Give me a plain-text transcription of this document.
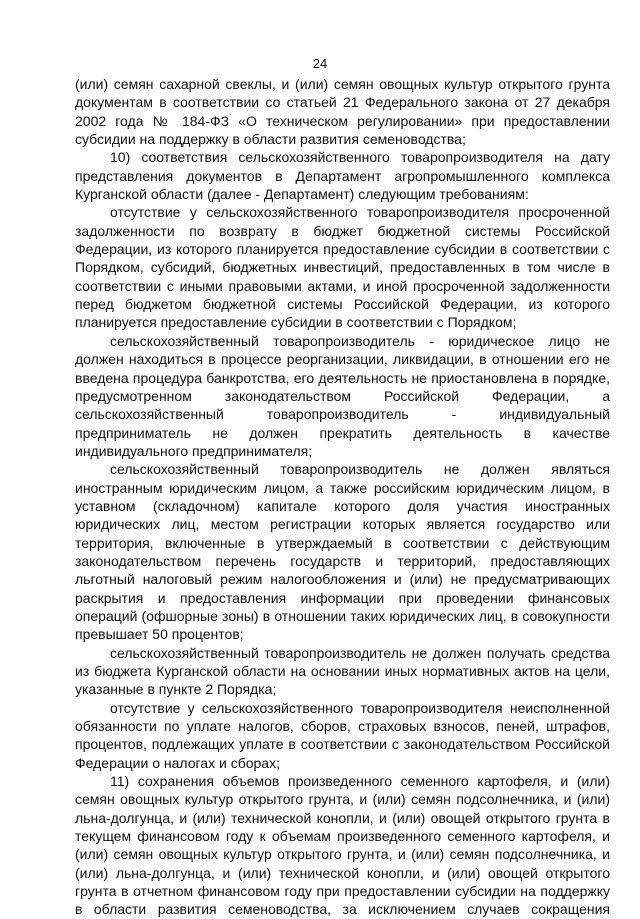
24
(или) семян сахарной свеклы, и (или) семян овощных культур открытого грунта
документам в соответствии со статьей 21 Федерального закона от 27 декабря
2002 года № 184-ФЗ «О техническом регулировании» при предоставлении
субсидии на поддержку в области развития семеноводства;
10) соответствия сельскохозяйственного товаропроизводителя на дату
представления документов в Департамент агропромышленного комплекса
Курганской области (далее - Департамент) следующим требованиям:
отсутствие у сельскохозяйственного товаропроизводителя просроченной
задолженности по возврату в бюджет бюджетной системы Российской
Федерации, из которого планируется предоставление субсидии в соответствии с
Порядком, субсидий, бюджетных инвестиций, предоставленных в том числе в
соответствии с иными правовыми актами, и иной просроченной задолженности
перед бюджетом бюджетной системы Российской Федерации, из которого
планируется предоставление субсидии в соответствии с Порядком;
сельскохозяйственный товаропроизводитель - юридическое лицо не
должен находиться в процессе реорганизации, ликвидации, в отношении его не
введена процедура банкротства, его деятельность не приостановлена в порядке,
предусмотренном законодательством Российской Федерации, а
сельскохозяйственный товаропроизводитель - индивидуальный
предприниматель не должен прекратить деятельность в качестве
индивидуального предпринимателя;
сельскохозяйственный товаропроизводитель не должен являться
иностранным юридическим лицом, а также российским юридическим лицом, в
уставном (складочном) капитале которого доля участия иностранных
юридических лиц, местом регистрации которых является государство или
территория, включенные в утверждаемый в соответствии с действующим
законодательством перечень государств и территорий, предоставляющих
льготный налоговый режим налогообложения и (или) не предусматривающих
раскрытия и предоставления информации при проведении финансовых
операций (офшорные зоны) в отношении таких юридических лиц, в совокупности
превышает 50 процентов;
сельскохозяйственный товаропроизводитель не должен получать средства
из бюджета Курганской области на основании иных нормативных актов на цели,
указанные в пункте 2 Порядка;
отсутствие у сельскохозяйственного товаропроизводителя неисполненной
обязанности по уплате налогов, сборов, страховых взносов, пеней, штрафов,
процентов, подлежащих уплате в соответствии с законодательством Российской
Федерации о налогах и сборах;
11) сохранения объемов произведенного семенного картофеля, и (или)
семян овощных культур открытого грунта, и (или) семян подсолнечника, и (или)
льна-долгунца, и (или) технической конопли, и (или) овощей открытого грунта в
текущем финансовом году к объемам произведенного семенного картофеля, и
(или) семян овощных культур открытого грунта, и (или) семян подсолнечника, и
(или) льна-долгунца, и (или) технической конопли, и (или) овощей открытого
грунта в отчетном финансовом году при предоставлении субсидии на поддержку
в области развития семеноводства, за исключением случаев сокращения
